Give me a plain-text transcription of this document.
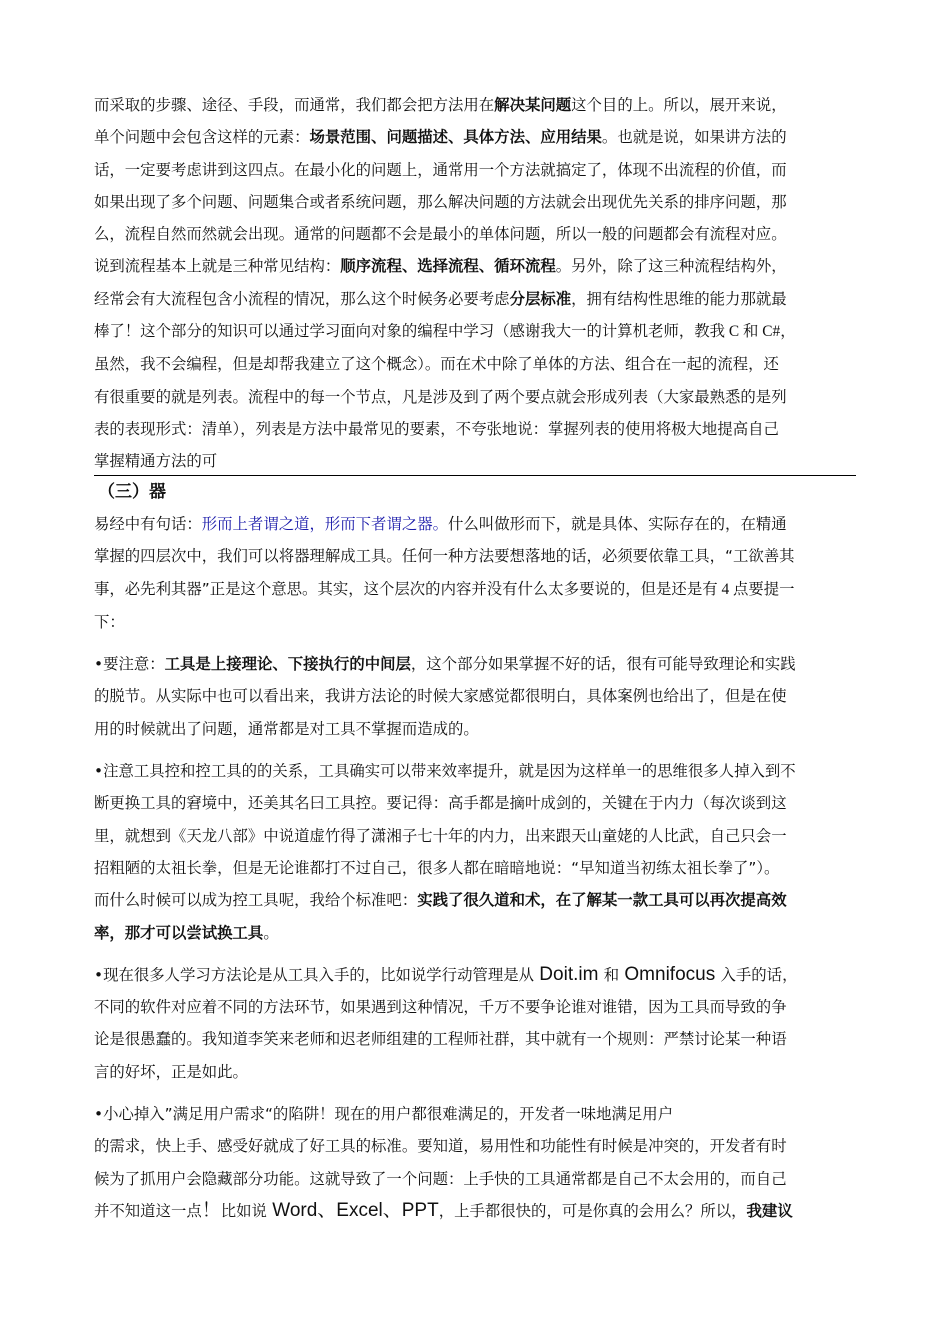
而采取的步骤、途径、手段，而通常，我们都会把方法用在解决某问题这个目的上。所以，展开来说，
单个问题中会包含这样的元素：场景范围、问题描述、具体方法、应用结果。也就是说，如果讲方法的
话，一定要考虑讲到这四点。在最小化的问题上，通常用一个方法就搞定了，体现不出流程的价值，而
如果出现了多个问题、问题集合或者系统问题，那么解决问题的方法就会出现优先关系的排序问题，那
么，流程自然而然就会出现。通常的问题都不会是最小的单体问题，所以一般的问题都会有流程对应。
说到流程基本上就是三种常见结构：顺序流程、选择流程、循环流程。另外，除了这三种流程结构外，
经常会有大流程包含小流程的情况，那么这个时候务必要考虑分层标准，拥有结构性思维的能力那就最
棒了！这个部分的知识可以通过学习面向对象的编程中学习（感谢我大一的计算机老师，教我 C 和 C#，
虽然，我不会编程，但是却帮我建立了这个概念）。而在术中除了单体的方法、组合在一起的流程，还
有很重要的就是列表。流程中的每一个节点，凡是涉及到了两个要点就会形成列表（大家最熟悉的是列
表的表现形式：清单），列表是方法中最常见的要素，不夸张地说：掌握列表的使用将极大地提高自己
掌握精通方法的可

（三）器

易经中有句话：形而上者谓之道，形而下者谓之器。什么叫做形而下，就是具体、实际存在的，在精通
掌握的四层次中，我们可以将器理解成工具。任何一种方法要想落地的话，必须要依靠工具，“工欲善其
事，必先利其器”正是这个意思。其实，这个层次的内容并没有什么太多要说的，但是还是有 4 点要提一
下：

•要注意：工具是上接理论、下接执行的中间层，这个部分如果掌握不好的话，很有可能导致理论和实践
的脱节。从实际中也可以看出来，我讲方法论的时候大家感觉都很明白，具体案例也给出了，但是在使
用的时候就出了问题，通常都是对工具不掌握而造成的。

•注意工具控和控工具的的关系，工具确实可以带来效率提升，就是因为这样单一的思维很多人掉入到不
断更换工具的窘境中，还美其名曰工具控。要记得：高手都是摘叶成剑的，关键在于内力（每次谈到这
里，就想到《天龙八部》中说道虚竹得了潇湘子七十年的内力，出来跟天山童姥的人比武，自己只会一
招粗陋的太祖长拳，但是无论谁都打不过自己，很多人都在暗暗地说：“早知道当初练太祖长拳了”）。
而什么时候可以成为控工具呢，我给个标准吧：实践了很久道和术，在了解某一款工具可以再次提高效
率，那才可以尝试换工具。

•现在很多人学习方法论是从工具入手的，比如说学行动管理是从 Doit.im 和 Omnifocus 入手的话，
不同的软件对应着不同的方法环节，如果遇到这种情况，千万不要争论谁对谁错，因为工具而导致的争
论是很愚蠢的。我知道李笑来老师和迟老师组建的工程师社群，其中就有一个规则：严禁讨论某一种语
言的好坏，正是如此。

•小心掉入”满足用户需求“的陷阱！现在的用户都很难满足的，开发者一味地满足用户
的需求，快上手、感受好就成了好工具的标准。要知道，易用性和功能性有时候是冲突的，开发者有时
候为了抓用户会隐藏部分功能。这就导致了一个问题：上手快的工具通常都是自己不太会用的，而自己
并不知道这一点！比如说 Word、Excel、PPT，上手都很快的，可是你真的会用么？所以，我建议
